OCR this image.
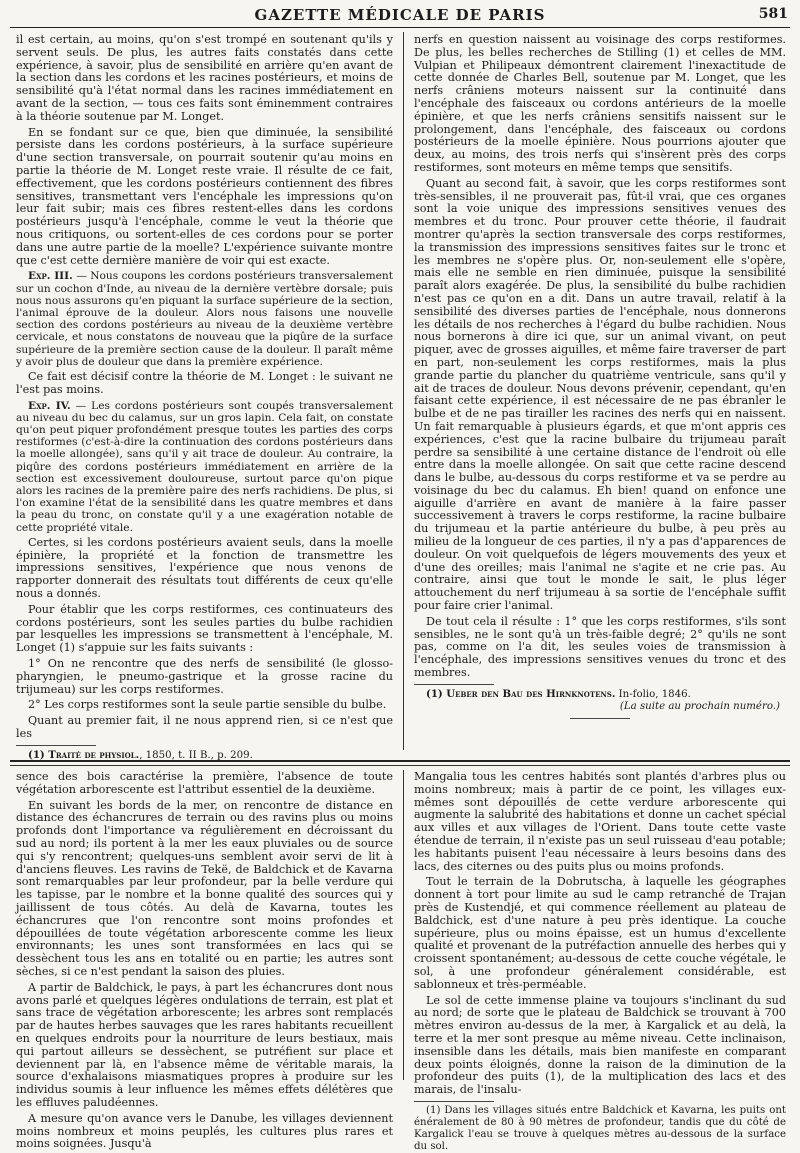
GAZETTE MÉDICALE DE PARIS	581

il est certain, au moins, qu'on s'est trompé en soutenant qu'ils y servent seuls. De plus, les autres faits constatés dans cette expérience, à savoir, plus de sensibilité en arrière qu'en avant de la section dans les cordons et les racines postérieurs, et moins de sensibilité qu'à l'état normal dans les racines immédiatement en avant de la section, — tous ces faits sont éminemment contraires à la théorie soutenue par M. Longet.

En se fondant sur ce que, bien que diminuée, la sensibilité persiste dans les cordons postérieurs, à la surface supérieure d'une section transversale, on pourrait soutenir qu'au moins en partie la théorie de M. Longet reste vraie. Il résulte de ce fait, effectivement, que les cordons postérieurs contiennent des fibres sensitives, transmettant vers l'encéphale les impressions qu'on leur fait subir; mais ces fibres restent-elles dans les cordons postérieurs jusqu'à l'encéphale, comme le veut la théorie que nous critiquons, ou sortent-elles de ces cordons pour se porter dans une autre partie de la moelle? L'expérience suivante montre que c'est cette dernière manière de voir qui est exacte.

Exp. III. — Nous coupons les cordons postérieurs transversalement sur un cochon d'Inde, au niveau de la dernière vertèbre dorsale; puis nous nous assurons qu'en piquant la surface supérieure de la section, l'animal éprouve de la douleur. Alors nous faisons une nouvelle section des cordons postérieurs au niveau de la deuxième vertèbre cervicale, et nous constatons de nouveau que la piqûre de la surface supérieure de la première section cause de la douleur. Il paraît même y avoir plus de douleur que dans la première expérience.

Ce fait est décisif contre la théorie de M. Longet : le suivant ne l'est pas moins.

Exp. IV. — Les cordons postérieurs sont coupés transversalement au niveau du bec du calamus, sur un gros lapin. Cela fait, on constate qu'on peut piquer profondément presque toutes les parties des corps restiformes (c'est-à-dire la continuation des cordons postérieurs dans la moelle allongée), sans qu'il y ait trace de douleur. Au contraire, la piqûre des cordons postérieurs immédiatement en arrière de la section est excessivement douloureuse, surtout parce qu'on pique alors les racines de la première paire des nerfs rachidiens. De plus, si l'on examine l'état de la sensibilité dans les quatre membres et dans la peau du tronc, on constate qu'il y a une exagération notable de cette propriété vitale.

Certes, si les cordons postérieurs avaient seuls, dans la moelle épinière, la propriété et la fonction de transmettre les impressions sensitives, l'expérience que nous venons de rapporter donnerait des résultats tout différents de ceux qu'elle nous a donnés.

Pour établir que les corps restiformes, ces continuateurs des cordons postérieurs, sont les seules parties du bulbe rachidien par lesquelles les impressions se transmettent à l'encéphale, M. Longet (1) s'appuie sur les faits suivants :

1° On ne rencontre que des nerfs de sensibilité (le glosso-pharyngien, le pneumo-gastrique et la grosse racine du trijumeau) sur les corps restiformes.

2° Les corps restiformes sont la seule partie sensible du bulbe.

Quant au premier fait, il ne nous apprend rien, si ce n'est que les

(1) Traité de physiol., 1850, t. II B., p. 209.

nerfs en question naissent au voisinage des corps restiformes. De plus, les belles recherches de Stilling (1) et celles de MM. Vulpian et Philipeaux démontrent clairement l'inexactitude de cette donnée de Charles Bell, soutenue par M. Longet, que les nerfs crâniens moteurs naissent sur la continuité dans l'encéphale des faisceaux ou cordons antérieurs de la moelle épinière, et que les nerfs crâniens sensitifs naissent sur le prolongement, dans l'encéphale, des faisceaux ou cordons postérieurs de la moelle épinière. Nous pourrions ajouter que deux, au moins, des trois nerfs qui s'insèrent près des corps restiformes, sont moteurs en même temps que sensitifs.

Quant au second fait, à savoir, que les corps restiformes sont très-sensibles, il ne prouverait pas, fût-il vrai, que ces organes sont la voie unique des impressions sensitives venues des membres et du tronc. Pour prouver cette théorie, il faudrait montrer qu'après la section transversale des corps restiformes, la transmission des impressions sensitives faites sur le tronc et les membres ne s'opère plus. Or, non-seulement elle s'opère, mais elle ne semble en rien diminuée, puisque la sensibilité paraît alors exagérée. De plus, la sensibilité du bulbe rachidien n'est pas ce qu'on en a dit. Dans un autre travail, relatif à la sensibilité des diverses parties de l'encéphale, nous donnerons les détails de nos recherches à l'égard du bulbe rachidien. Nous nous bornerons à dire ici que, sur un animal vivant, on peut piquer, avec de grosses aiguilles, et même faire traverser de part en part, non-seulement les corps restiformes, mais la plus grande partie du plancher du quatrième ventricule, sans qu'il y ait de traces de douleur. Nous devons prévenir, cependant, qu'en faisant cette expérience, il est nécessaire de ne pas ébranler le bulbe et de ne pas tirailler les racines des nerfs qui en naissent. Un fait remarquable à plusieurs égards, et que m'ont appris ces expériences, c'est que la racine bulbaire du trijumeau paraît perdre sa sensibilité à une certaine distance de l'endroit où elle entre dans la moelle allongée. On sait que cette racine descend dans le bulbe, au-dessous du corps restiforme et va se perdre au voisinage du bec du calamus. Eh bien! quand on enfonce une aiguille d'arrière en avant de manière à la faire passer successivement à travers le corps restiforme, la racine bulbaire du trijumeau et la partie antérieure du bulbe, à peu près au milieu de la longueur de ces parties, il n'y a pas d'apparences de douleur. On voit quelquefois de légers mouvements des yeux et d'une des oreilles; mais l'animal ne s'agite et ne crie pas. Au contraire, ainsi que tout le monde le sait, le plus léger attouchement du nerf trijumeau à sa sortie de l'encéphale suffit pour faire crier l'animal.

De tout cela il résulte : 1° que les corps restiformes, s'ils sont sensibles, ne le sont qu'à un très-faible degré; 2° qu'ils ne sont pas, comme on l'a dit, les seules voies de transmission à l'encéphale, des impressions sensitives venues du tronc et des membres.

(1) Ueber den Bau des Hirnknotens. In-folio, 1846.

(La suite au prochain numéro.)

sence des bois caractérise la première, l'absence de toute végétation arborescente est l'attribut essentiel de la deuxième.

En suivant les bords de la mer, on rencontre de distance en distance des échancrures de terrain ou des ravins plus ou moins profonds dont l'importance va régulièrement en décroissant du sud au nord; ils portent à la mer les eaux pluviales ou de source qui s'y rencontrent; quelques-uns semblent avoir servi de lit à d'anciens fleuves. Les ravins de Tekë, de Baldchick et de Kavarna sont remarquables par leur profondeur, par la belle verdure qui les tapisse, par le nombre et la bonne qualité des sources qui y jaillissent de tous côtés. Au delà de Kavarna, toutes les échancrures que l'on rencontre sont moins profondes et dépouillées de toute végétation arborescente comme les lieux environnants; les unes sont transformées en lacs qui se dessèchent tous les ans en totalité ou en partie; les autres sont sèches, si ce n'est pendant la saison des pluies.

A partir de Baldchick, le pays, à part les échancrures dont nous avons parlé et quelques légères ondulations de terrain, est plat et sans trace de végétation arborescente; les arbres sont remplacés par de hautes herbes sauvages que les rares habitants recueillent en quelques endroits pour la nourriture de leurs bestiaux, mais qui partout ailleurs se dessèchent, se putréfient sur place et deviennent par là, en l'absence même de véritable marais, la source d'exhalaisons miasmatiques propres à produire sur les individus soumis à leur influence les mêmes effets délétères que les effluves paludéennes.

A mesure qu'on avance vers le Danube, les villages deviennent moins nombreux et moins peuplés, les cultures plus rares et moins soignées. Jusqu'à

Mangalia tous les centres habités sont plantés d'arbres plus ou moins nombreux; mais à partir de ce point, les villages eux-mêmes sont dépouillés de cette verdure arborescente qui augmente la salubrité des habitations et donne un cachet spécial aux villes et aux villages de l'Orient. Dans toute cette vaste étendue de terrain, il n'existe pas un seul ruisseau d'eau potable; les habitants puisent l'eau nécessaire à leurs besoins dans des lacs, des citernes ou des puits plus ou moins profonds.

Tout le terrain de la Dobrutscha, à laquelle les géographes donnent à tort pour limite au sud le camp retranché de Trajan près de Kustendjé, et qui commence réellement au plateau de Baldchick, est d'une nature à peu près identique. La couche supérieure, plus ou moins épaisse, est un humus d'excellente qualité et provenant de la putréfaction annuelle des herbes qui y croissent spontanément; au-dessous de cette couche végétale, le sol, à une profondeur généralement considérable, est sablonneux et très-perméable.

Le sol de cette immense plaine va toujours s'inclinant du sud au nord; de sorte que le plateau de Baldchick se trouvant à 700 mètres environ au-dessus de la mer, à Kargalick et au delà, la terre et la mer sont presque au même niveau. Cette inclinaison, insensible dans les détails, mais bien manifeste en comparant deux points éloignés, donne la raison de la diminution de la profondeur des puits (1), de la multiplication des lacs et des marais, de l'insalu-

(1) Dans les villages situés entre Baldchick et Kavarna, les puits ont énéralement de 80 à 90 mètres de profondeur, tandis que du côté de Kargalick l'eau se trouve à quelques mètres au-dessous de la surface du sol.
